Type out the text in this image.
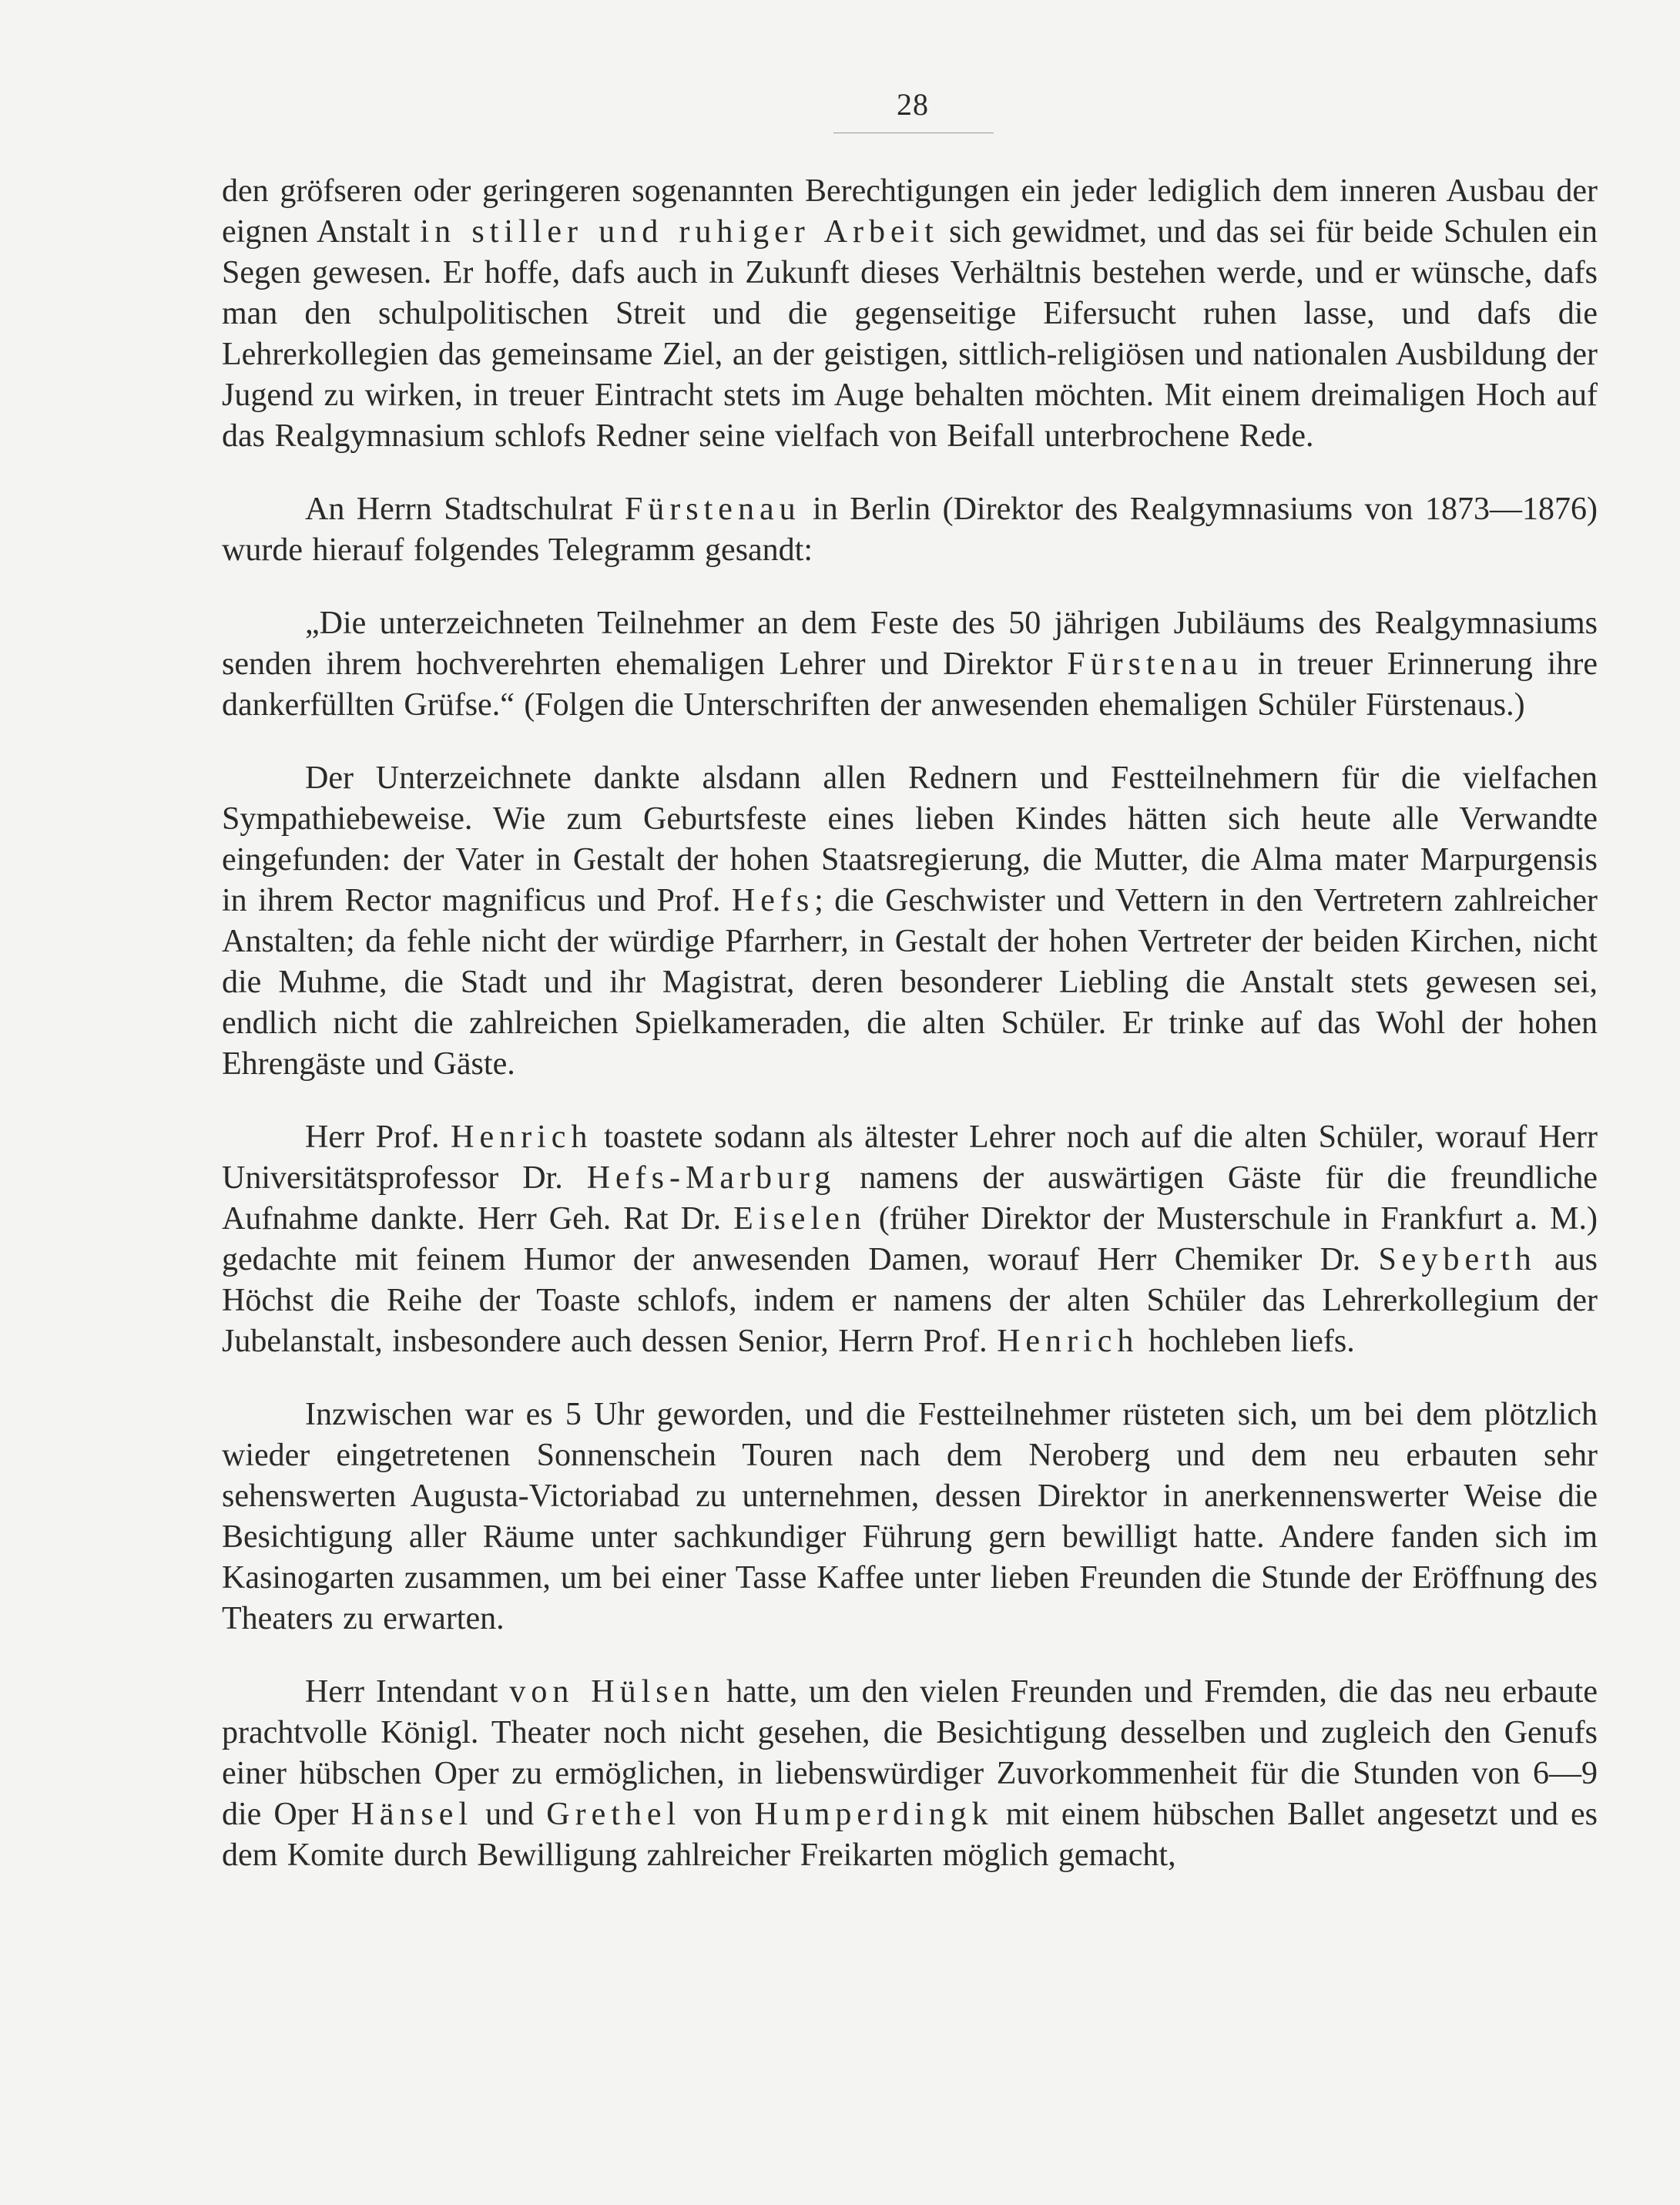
28

den gröfseren oder geringeren sogenannten Berechtigungen ein jeder lediglich dem inneren Ausbau der eignen Anstalt in stiller und ruhiger Arbeit sich gewidmet, und das sei für beide Schulen ein Segen gewesen. Er hoffe, dafs auch in Zukunft dieses Verhältnis bestehen werde, und er wünsche, dafs man den schulpolitischen Streit und die gegenseitige Eifersucht ruhen lasse, und dafs die Lehrerkollegien das gemeinsame Ziel, an der geistigen, sittlich-religiösen und nationalen Ausbildung der Jugend zu wirken, in treuer Eintracht stets im Auge behalten möchten. Mit einem dreimaligen Hoch auf das Realgymnasium schlofs Redner seine vielfach von Beifall unterbrochene Rede.

An Herrn Stadtschulrat Fürstenau in Berlin (Direktor des Realgymnasiums von 1873—1876) wurde hierauf folgendes Telegramm gesandt:

„Die unterzeichneten Teilnehmer an dem Feste des 50 jährigen Jubiläums des Realgymnasiums senden ihrem hochverehrten ehemaligen Lehrer und Direktor Fürstenau in treuer Erinnerung ihre dankerfüllten Grüfse.“ (Folgen die Unterschriften der anwesenden ehemaligen Schüler Fürstenaus.)

Der Unterzeichnete dankte alsdann allen Rednern und Festteilnehmern für die vielfachen Sympathiebeweise. Wie zum Geburtsfeste eines lieben Kindes hätten sich heute alle Verwandte eingefunden: der Vater in Gestalt der hohen Staatsregierung, die Mutter, die Alma mater Marpurgensis in ihrem Rector magnificus und Prof. Hefs; die Geschwister und Vettern in den Vertretern zahlreicher Anstalten; da fehle nicht der würdige Pfarrherr, in Gestalt der hohen Vertreter der beiden Kirchen, nicht die Muhme, die Stadt und ihr Magistrat, deren besonderer Liebling die Anstalt stets gewesen sei, endlich nicht die zahlreichen Spielkameraden, die alten Schüler. Er trinke auf das Wohl der hohen Ehrengäste und Gäste.

Herr Prof. Henrich toastete sodann als ältester Lehrer noch auf die alten Schüler, worauf Herr Universitätsprofessor Dr. Hefs-Marburg namens der auswärtigen Gäste für die freundliche Aufnahme dankte. Herr Geh. Rat Dr. Eiselen (früher Direktor der Musterschule in Frankfurt a. M.) gedachte mit feinem Humor der anwesenden Damen, worauf Herr Chemiker Dr. Seyberth aus Höchst die Reihe der Toaste schlofs, indem er namens der alten Schüler das Lehrerkollegium der Jubelanstalt, insbesondere auch dessen Senior, Herrn Prof. Henrich hochleben liefs.

Inzwischen war es 5 Uhr geworden, und die Festteilnehmer rüsteten sich, um bei dem plötzlich wieder eingetretenen Sonnenschein Touren nach dem Neroberg und dem neu erbauten sehr sehenswerten Augusta-Victoriabad zu unternehmen, dessen Direktor in anerkennenswerter Weise die Besichtigung aller Räume unter sachkundiger Führung gern bewilligt hatte. Andere fanden sich im Kasinogarten zusammen, um bei einer Tasse Kaffee unter lieben Freunden die Stunde der Eröffnung des Theaters zu erwarten.

Herr Intendant von Hülsen hatte, um den vielen Freunden und Fremden, die das neu erbaute prachtvolle Königl. Theater noch nicht gesehen, die Besichtigung desselben und zugleich den Genufs einer hübschen Oper zu ermöglichen, in liebenswürdiger Zuvorkommenheit für die Stunden von 6—9 die Oper Hänsel und Grethel von Humperdingk mit einem hübschen Ballet angesetzt und es dem Komite durch Bewilligung zahlreicher Freikarten möglich gemacht,
